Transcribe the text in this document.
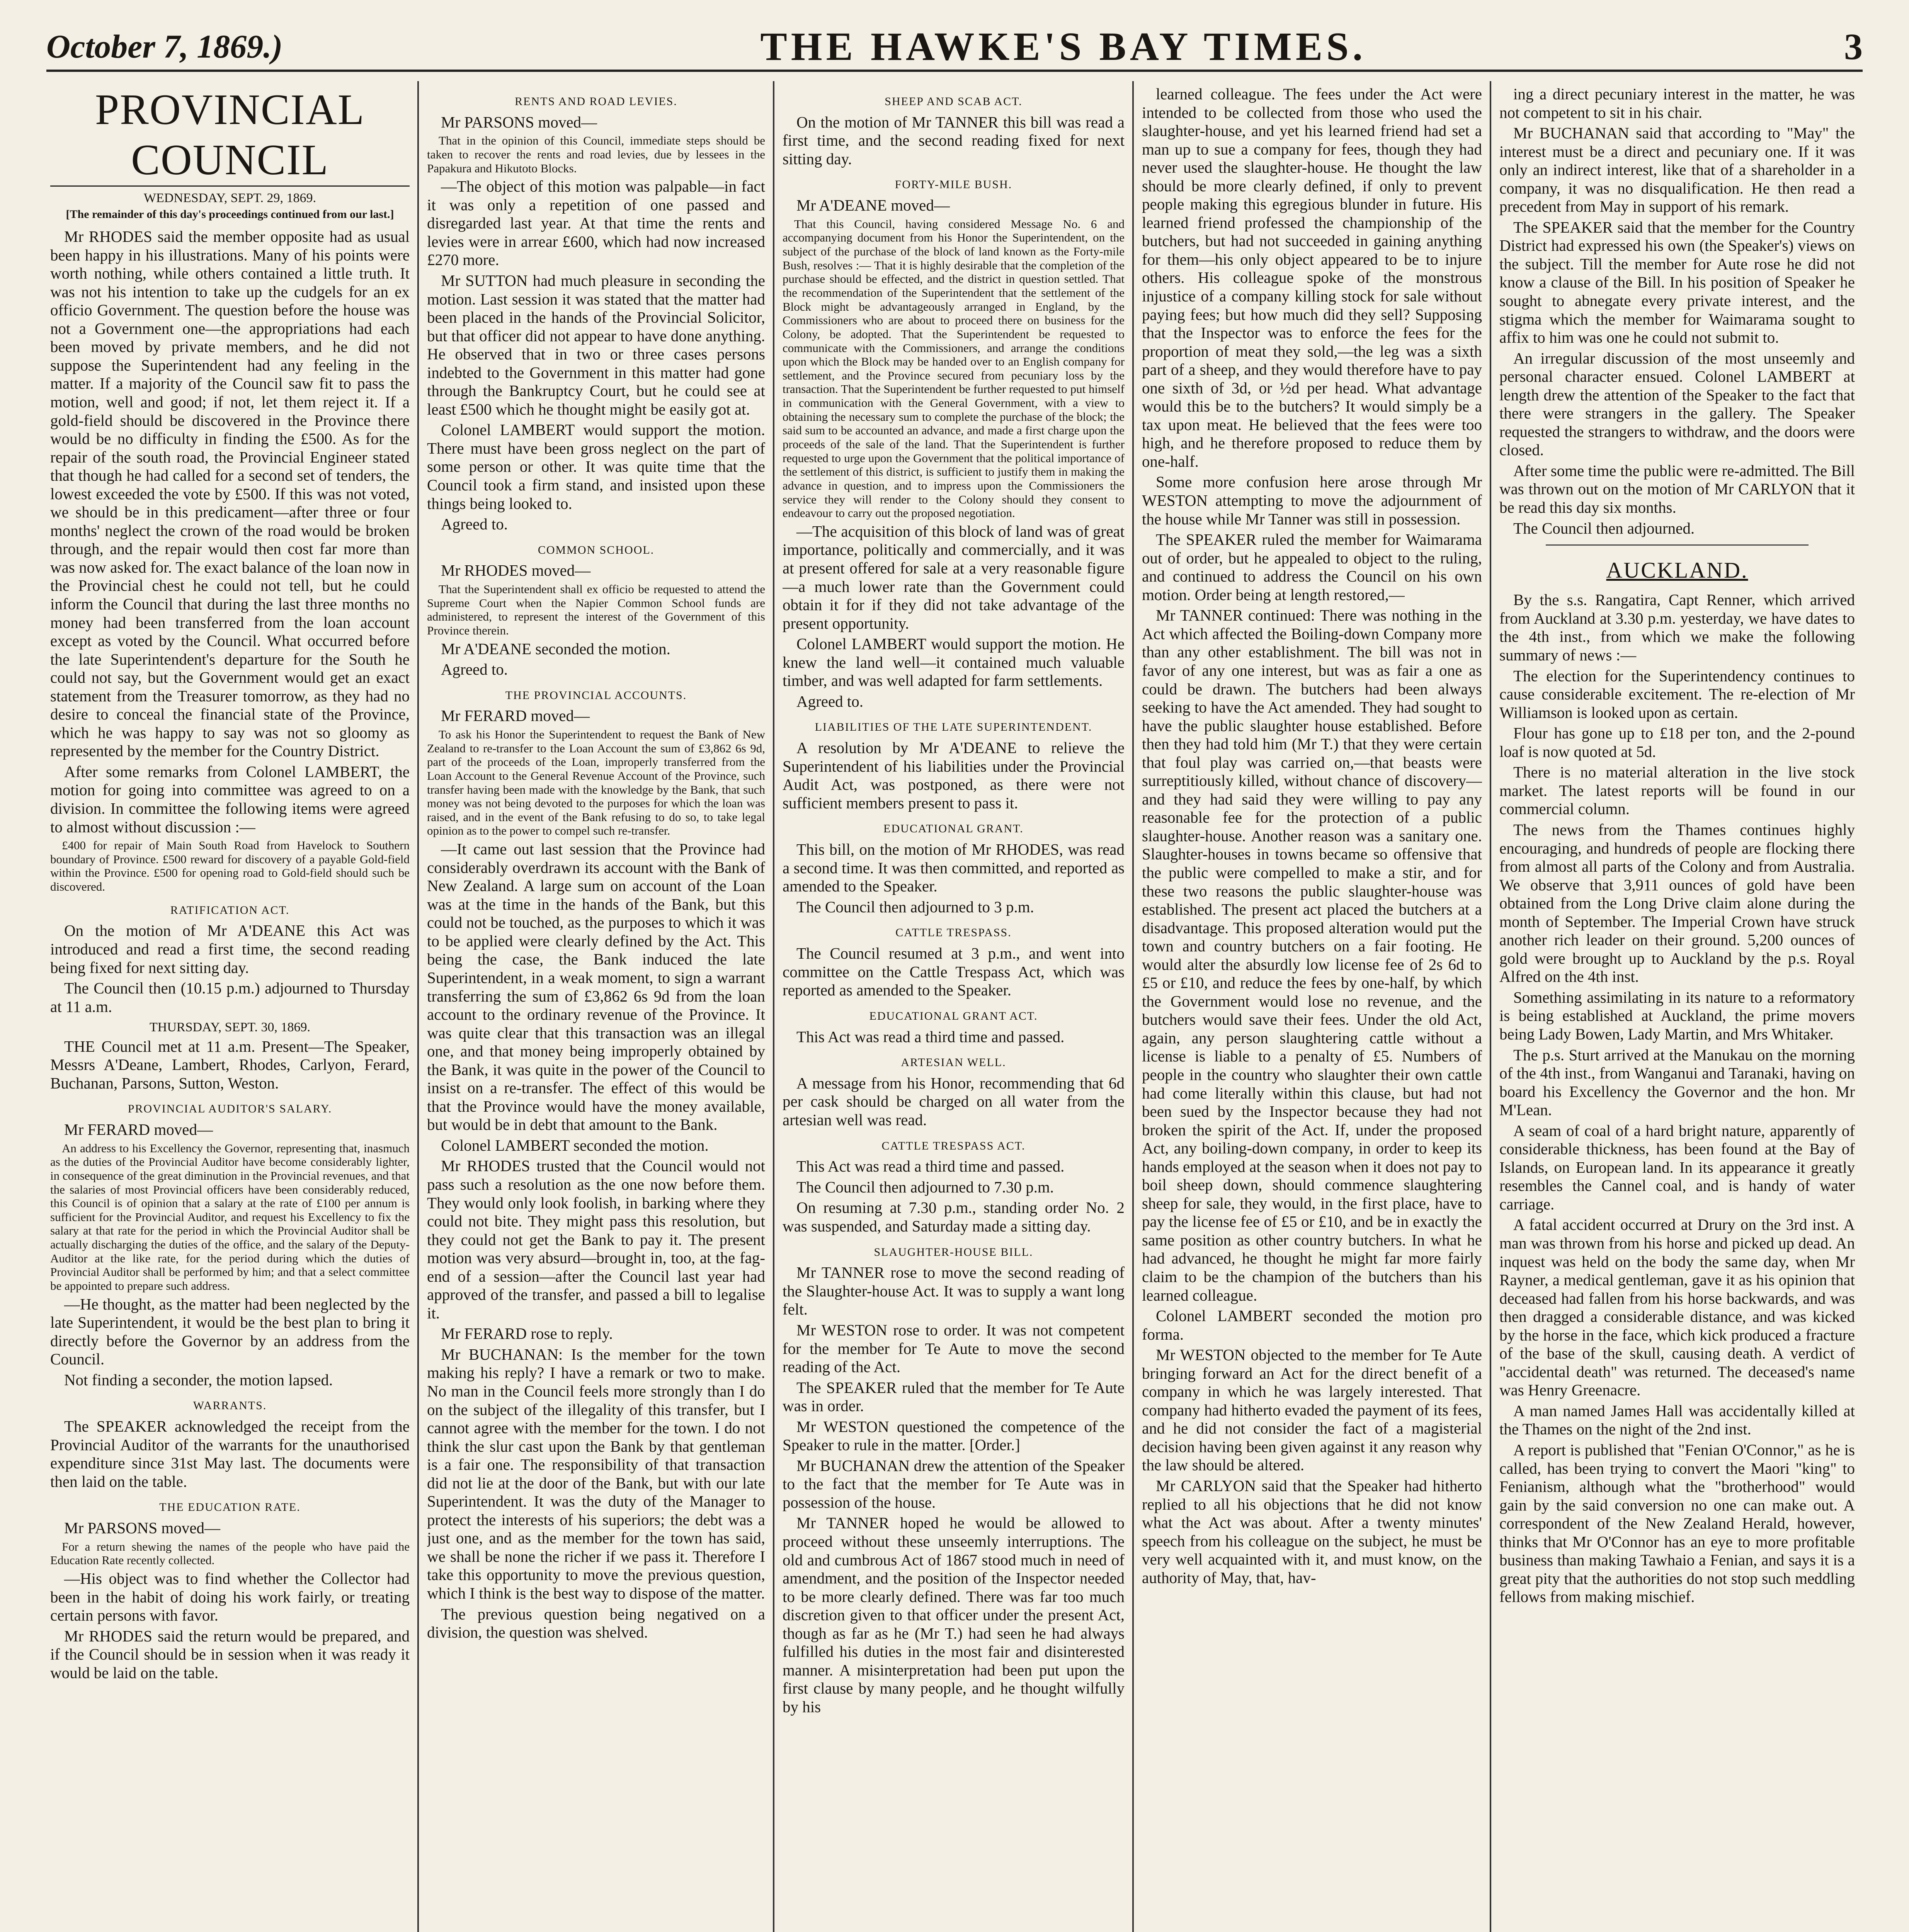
October 7, 1869.)	THE HAWKE'S BAY TIMES.	3
PROVINCIAL COUNCIL
WEDNESDAY, SEPT. 29, 1869.
[The remainder of this day's proceedings continued from our last.]

Mr RHODES said the member opposite had as usual been happy in his illustrations. Many of his points were worth nothing, while others contained a little truth. It was not his intention to take up the cudgels for an ex officio Government. The question before the house was not a Government one—the appropriations had each been moved by private members, and he did not suppose the Superintendent had any feeling in the matter. If a majority of the Council saw fit to pass the motion, well and good; if not, let them reject it. If a gold-field should be discovered in the Province there would be no difficulty in finding the £500. As for the repair of the south road, the Provincial Engineer stated that though he had called for a second set of tenders, the lowest exceeded the vote by £500. If this was not voted, we should be in this predicament—after three or four months' neglect the crown of the road would be broken through, and the repair would then cost far more than was now asked for. The exact balance of the loan now in the Provincial chest he could not tell, but he could inform the Council that during the last three months no money had been transferred from the loan account except as voted by the Council. What occurred before the late Superintendent's departure for the South he could not say, but the Government would get an exact statement from the Treasurer tomorrow, as they had no desire to conceal the financial state of the Province, which he was happy to say was not so gloomy as represented by the member for the Country District.

After some remarks from Colonel LAMBERT, the motion for going into committee was agreed to on a division. In committee the following items were agreed to almost without discussion :—

£400 for repair of Main South Road from Havelock to Southern boundary of Province. £500 reward for discovery of a payable Gold-field within the Province. £500 for opening road to Gold-field should such be discovered.

RATIFICATION ACT.

On the motion of Mr A'DEANE this Act was introduced and read a first time, the second reading being fixed for next sitting day.

The Council then (10.15 p.m.) adjourned to Thursday at 11 a.m.

THURSDAY, SEPT. 30, 1869.

THE Council met at 11 a.m. Present—The Speaker, Messrs A'Deane, Lambert, Rhodes, Carlyon, Ferard, Buchanan, Parsons, Sutton, Weston.

PROVINCIAL AUDITOR'S SALARY.

Mr FERARD moved—

An address to his Excellency the Governor, representing that, inasmuch as the duties of the Provincial Auditor have become considerably lighter, in consequence of the great diminution in the Provincial revenues, and that the salaries of most Provincial officers have been considerably reduced, this Council is of opinion that a salary at the rate of £100 per annum is sufficient for the Provincial Auditor, and request his Excellency to fix the salary at that rate for the period in which the Provincial Auditor shall be actually discharging the duties of the office, and the salary of the Deputy-Auditor at the like rate, for the period during which the duties of Provincial Auditor shall be performed by him; and that a select committee be appointed to prepare such address.

—He thought, as the matter had been neglected by the late Superintendent, it would be the best plan to bring it directly before the Governor by an address from the Council.

Not finding a seconder, the motion lapsed.

WARRANTS.

The SPEAKER acknowledged the receipt from the Provincial Auditor of the warrants for the unauthorised expenditure since 31st May last. The documents were then laid on the table.

THE EDUCATION RATE.

Mr PARSONS moved—

For a return shewing the names of the people who have paid the Education Rate recently collected.

—His object was to find whether the Collector had been in the habit of doing his work fairly, or treating certain persons with favor.

Mr RHODES said the return would be prepared, and if the Council should be in session when it was ready it would be laid on the table.

RENTS AND ROAD LEVIES.

Mr PARSONS moved—

That in the opinion of this Council, immediate steps should be taken to recover the rents and road levies, due by lessees in the Papakura and Hikutoto Blocks.

—The object of this motion was palpable—in fact it was only a repetition of one passed and disregarded last year. At that time the rents and levies were in arrear £600, which had now increased £270 more.

Mr SUTTON had much pleasure in seconding the motion. Last session it was stated that the matter had been placed in the hands of the Provincial Solicitor, but that officer did not appear to have done anything. He observed that in two or three cases persons indebted to the Government in this matter had gone through the Bankruptcy Court, but he could see at least £500 which he thought might be easily got at.

Colonel LAMBERT would support the motion. There must have been gross neglect on the part of some person or other. It was quite time that the Council took a firm stand, and insisted upon these things being looked to.

Agreed to.

COMMON SCHOOL.

Mr RHODES moved—

That the Superintendent shall ex officio be requested to attend the Supreme Court when the Napier Common School funds are administered, to represent the interest of the Government of this Province therein.

Mr A'DEANE seconded the motion.

Agreed to.

THE PROVINCIAL ACCOUNTS.

Mr FERARD moved—

To ask his Honor the Superintendent to request the Bank of New Zealand to re-transfer to the Loan Account the sum of £3,862 6s 9d, part of the proceeds of the Loan, improperly transferred from the Loan Account to the General Revenue Account of the Province, such transfer having been made with the knowledge by the Bank, that such money was not being devoted to the purposes for which the loan was raised, and in the event of the Bank refusing to do so, to take legal opinion as to the power to compel such re-transfer.

—It came out last session that the Province had considerably overdrawn its account with the Bank of New Zealand. A large sum on account of the Loan was at the time in the hands of the Bank, but this could not be touched, as the purposes to which it was to be applied were clearly defined by the Act. This being the case, the Bank induced the late Superintendent, in a weak moment, to sign a warrant transferring the sum of £3,862 6s 9d from the loan account to the ordinary revenue of the Province. It was quite clear that this transaction was an illegal one, and that money being improperly obtained by the Bank, it was quite in the power of the Council to insist on a re-transfer. The effect of this would be that the Province would have the money available, but would be in debt that amount to the Bank.

Colonel LAMBERT seconded the motion.

Mr RHODES trusted that the Council would not pass such a resolution as the one now before them. They would only look foolish, in barking where they could not bite. They might pass this resolution, but they could not get the Bank to pay it. The present motion was very absurd—brought in, too, at the fag-end of a session—after the Council last year had approved of the transfer, and passed a bill to legalise it.

Mr FERARD rose to reply.

Mr BUCHANAN: Is the member for the town making his reply? I have a remark or two to make. No man in the Council feels more strongly than I do on the subject of the illegality of this transfer, but I cannot agree with the member for the town. I do not think the slur cast upon the Bank by that gentleman is a fair one. The responsibility of that transaction did not lie at the door of the Bank, but with our late Superintendent. It was the duty of the Manager to protect the interests of his superiors; the debt was a just one, and as the member for the town has said, we shall be none the richer if we pass it. Therefore I take this opportunity to move the previous question, which I think is the best way to dispose of the matter.

The previous question being negatived on a division, the question was shelved.

SHEEP AND SCAB ACT.

On the motion of Mr TANNER this bill was read a first time, and the second reading fixed for next sitting day.

FORTY-MILE BUSH.

Mr A'DEANE moved—

That this Council, having considered Message No. 6 and accompanying document from his Honor the Superintendent, on the subject of the purchase of the block of land known as the Forty-mile Bush, resolves :— That it is highly desirable that the completion of the purchase should be effected, and the district in question settled. That the recommendation of the Superintendent that the settlement of the Block might be advantageously arranged in England, by the Commissioners who are about to proceed there on business for the Colony, be adopted. That the Superintendent be requested to communicate with the Commissioners, and arrange the conditions upon which the Block may be handed over to an English company for settlement, and the Province secured from pecuniary loss by the transaction. That the Superintendent be further requested to put himself in communication with the General Government, with a view to obtaining the necessary sum to complete the purchase of the block; the said sum to be accounted an advance, and made a first charge upon the proceeds of the sale of the land. That the Superintendent is further requested to urge upon the Government that the political importance of the settlement of this district, is sufficient to justify them in making the advance in question, and to impress upon the Commissioners the service they will render to the Colony should they consent to endeavour to carry out the proposed negotiation.

—The acquisition of this block of land was of great importance, politically and commercially, and it was at present offered for sale at a very reasonable figure—a much lower rate than the Government could obtain it for if they did not take advantage of the present opportunity.

Colonel LAMBERT would support the motion. He knew the land well—it contained much valuable timber, and was well adapted for farm settlements.

Agreed to.

LIABILITIES OF THE LATE SUPERINTENDENT.

A resolution by Mr A'DEANE to relieve the Superintendent of his liabilities under the Provincial Audit Act, was postponed, as there were not sufficient members present to pass it.

EDUCATIONAL GRANT.

This bill, on the motion of Mr RHODES, was read a second time. It was then committed, and reported as amended to the Speaker.

The Council then adjourned to 3 p.m.

CATTLE TRESPASS.

The Council resumed at 3 p.m., and went into committee on the Cattle Trespass Act, which was reported as amended to the Speaker.

EDUCATIONAL GRANT ACT.

This Act was read a third time and passed.

ARTESIAN WELL.

A message from his Honor, recommending that 6d per cask should be charged on all water from the artesian well was read.

CATTLE TRESPASS ACT.

This Act was read a third time and passed.

The Council then adjourned to 7.30 p.m.

On resuming at 7.30 p.m., standing order No. 2 was suspended, and Saturday made a sitting day.

SLAUGHTER-HOUSE BILL.

Mr TANNER rose to move the second reading of the Slaughter-house Act. It was to supply a want long felt.

Mr WESTON rose to order. It was not competent for the member for Te Aute to move the second reading of the Act.

The SPEAKER ruled that the member for Te Aute was in order.

Mr WESTON questioned the competence of the Speaker to rule in the matter. [Order.]

Mr BUCHANAN drew the attention of the Speaker to the fact that the member for Te Aute was in possession of the house.

Mr TANNER hoped he would be allowed to proceed without these unseemly interruptions. The old and cumbrous Act of 1867 stood much in need of amendment, and the position of the Inspector needed to be more clearly defined. There was far too much discretion given to that officer under the present Act, though as far as he (Mr T.) had seen he had always fulfilled his duties in the most fair and disinterested manner. A misinterpretation had been put upon the first clause by many people, and he thought wilfully by his

learned colleague. The fees under the Act were intended to be collected from those who used the slaughter-house, and yet his learned friend had set a man up to sue a company for fees, though they had never used the slaughter-house. He thought the law should be more clearly defined, if only to prevent people making this egregious blunder in future. His learned friend professed the championship of the butchers, but had not succeeded in gaining anything for them—his only object appeared to be to injure others. His colleague spoke of the monstrous injustice of a company killing stock for sale without paying fees; but how much did they sell? Supposing that the Inspector was to enforce the fees for the proportion of meat they sold,—the leg was a sixth part of a sheep, and they would therefore have to pay one sixth of 3d, or ½d per head. What advantage would this be to the butchers? It would simply be a tax upon meat. He believed that the fees were too high, and he therefore proposed to reduce them by one-half.

Some more confusion here arose through Mr WESTON attempting to move the adjournment of the house while Mr Tanner was still in possession.

The SPEAKER ruled the member for Waimarama out of order, but he appealed to object to the ruling, and continued to address the Council on his own motion. Order being at length restored,—

Mr TANNER continued: There was nothing in the Act which affected the Boiling-down Company more than any other establishment. The bill was not in favor of any one interest, but was as fair a one as could be drawn. The butchers had been always seeking to have the Act amended. They had sought to have the public slaughter house established. Before then they had told him (Mr T.) that they were certain that foul play was carried on,—that beasts were surreptitiously killed, without chance of discovery—and they had said they were willing to pay any reasonable fee for the protection of a public slaughter-house. Another reason was a sanitary one. Slaughter-houses in towns became so offensive that the public were compelled to make a stir, and for these two reasons the public slaughter-house was established. The present act placed the butchers at a disadvantage. This proposed alteration would put the town and country butchers on a fair footing. He would alter the absurdly low license fee of 2s 6d to £5 or £10, and reduce the fees by one-half, by which the Government would lose no revenue, and the butchers would save their fees. Under the old Act, again, any person slaughtering cattle without a license is liable to a penalty of £5. Numbers of people in the country who slaughter their own cattle had come literally within this clause, but had not been sued by the Inspector because they had not broken the spirit of the Act. If, under the proposed Act, any boiling-down company, in order to keep its hands employed at the season when it does not pay to boil sheep down, should commence slaughtering sheep for sale, they would, in the first place, have to pay the license fee of £5 or £10, and be in exactly the same position as other country butchers. In what he had advanced, he thought he might far more fairly claim to be the champion of the butchers than his learned colleague.

Colonel LAMBERT seconded the motion pro forma.

Mr WESTON objected to the member for Te Aute bringing forward an Act for the direct benefit of a company in which he was largely interested. That company had hitherto evaded the payment of its fees, and he did not consider the fact of a magisterial decision having been given against it any reason why the law should be altered.

Mr CARLYON said that the Speaker had hitherto replied to all his objections that he did not know what the Act was about. After a twenty minutes' speech from his colleague on the subject, he must be very well acquainted with it, and must know, on the authority of May, that, hav-

ing a direct pecuniary interest in the matter, he was not competent to sit in his chair.

Mr BUCHANAN said that according to "May" the interest must be a direct and pecuniary one. If it was only an indirect interest, like that of a shareholder in a company, it was no disqualification. He then read a precedent from May in support of his remark.

The SPEAKER said that the member for the Country District had expressed his own (the Speaker's) views on the subject. Till the member for Aute rose he did not know a clause of the Bill. In his position of Speaker he sought to abnegate every private interest, and the stigma which the member for Waimarama sought to affix to him was one he could not submit to.

An irregular discussion of the most unseemly and personal character ensued. Colonel LAMBERT at length drew the attention of the Speaker to the fact that there were strangers in the gallery. The Speaker requested the strangers to withdraw, and the doors were closed.

After some time the public were re-admitted. The Bill was thrown out on the motion of Mr CARLYON that it be read this day six months.

The Council then adjourned.

AUCKLAND.

By the s.s. Rangatira, Capt Renner, which arrived from Auckland at 3.30 p.m. yesterday, we have dates to the 4th inst., from which we make the following summary of news :—

The election for the Superintendency continues to cause considerable excitement. The re-election of Mr Williamson is looked upon as certain.

Flour has gone up to £18 per ton, and the 2-pound loaf is now quoted at 5d.

There is no material alteration in the live stock market. The latest reports will be found in our commercial column.

The news from the Thames continues highly encouraging, and hundreds of people are flocking there from almost all parts of the Colony and from Australia. We observe that 3,911 ounces of gold have been obtained from the Long Drive claim alone during the month of September. The Imperial Crown have struck another rich leader on their ground. 5,200 ounces of gold were brought up to Auckland by the p.s. Royal Alfred on the 4th inst.

Something assimilating in its nature to a reformatory is being established at Auckland, the prime movers being Lady Bowen, Lady Martin, and Mrs Whitaker.

The p.s. Sturt arrived at the Manukau on the morning of the 4th inst., from Wanganui and Taranaki, having on board his Excellency the Governor and the hon. Mr M'Lean.

A seam of coal of a hard bright nature, apparently of considerable thickness, has been found at the Bay of Islands, on European land. In its appearance it greatly resembles the Cannel coal, and is handy of water carriage.

A fatal accident occurred at Drury on the 3rd inst. A man was thrown from his horse and picked up dead. An inquest was held on the body the same day, when Mr Rayner, a medical gentleman, gave it as his opinion that deceased had fallen from his horse backwards, and was then dragged a considerable distance, and was kicked by the horse in the face, which kick produced a fracture of the base of the skull, causing death. A verdict of "accidental death" was returned. The deceased's name was Henry Greenacre.

A man named James Hall was accidentally killed at the Thames on the night of the 2nd inst.

A report is published that "Fenian O'Connor," as he is called, has been trying to convert the Maori "king" to Fenianism, although what the "brotherhood" would gain by the said conversion no one can make out. A correspondent of the New Zealand Herald, however, thinks that Mr O'Connor has an eye to more profitable business than making Tawhaio a Fenian, and says it is a great pity that the authorities do not stop such meddling fellows from making mischief.
